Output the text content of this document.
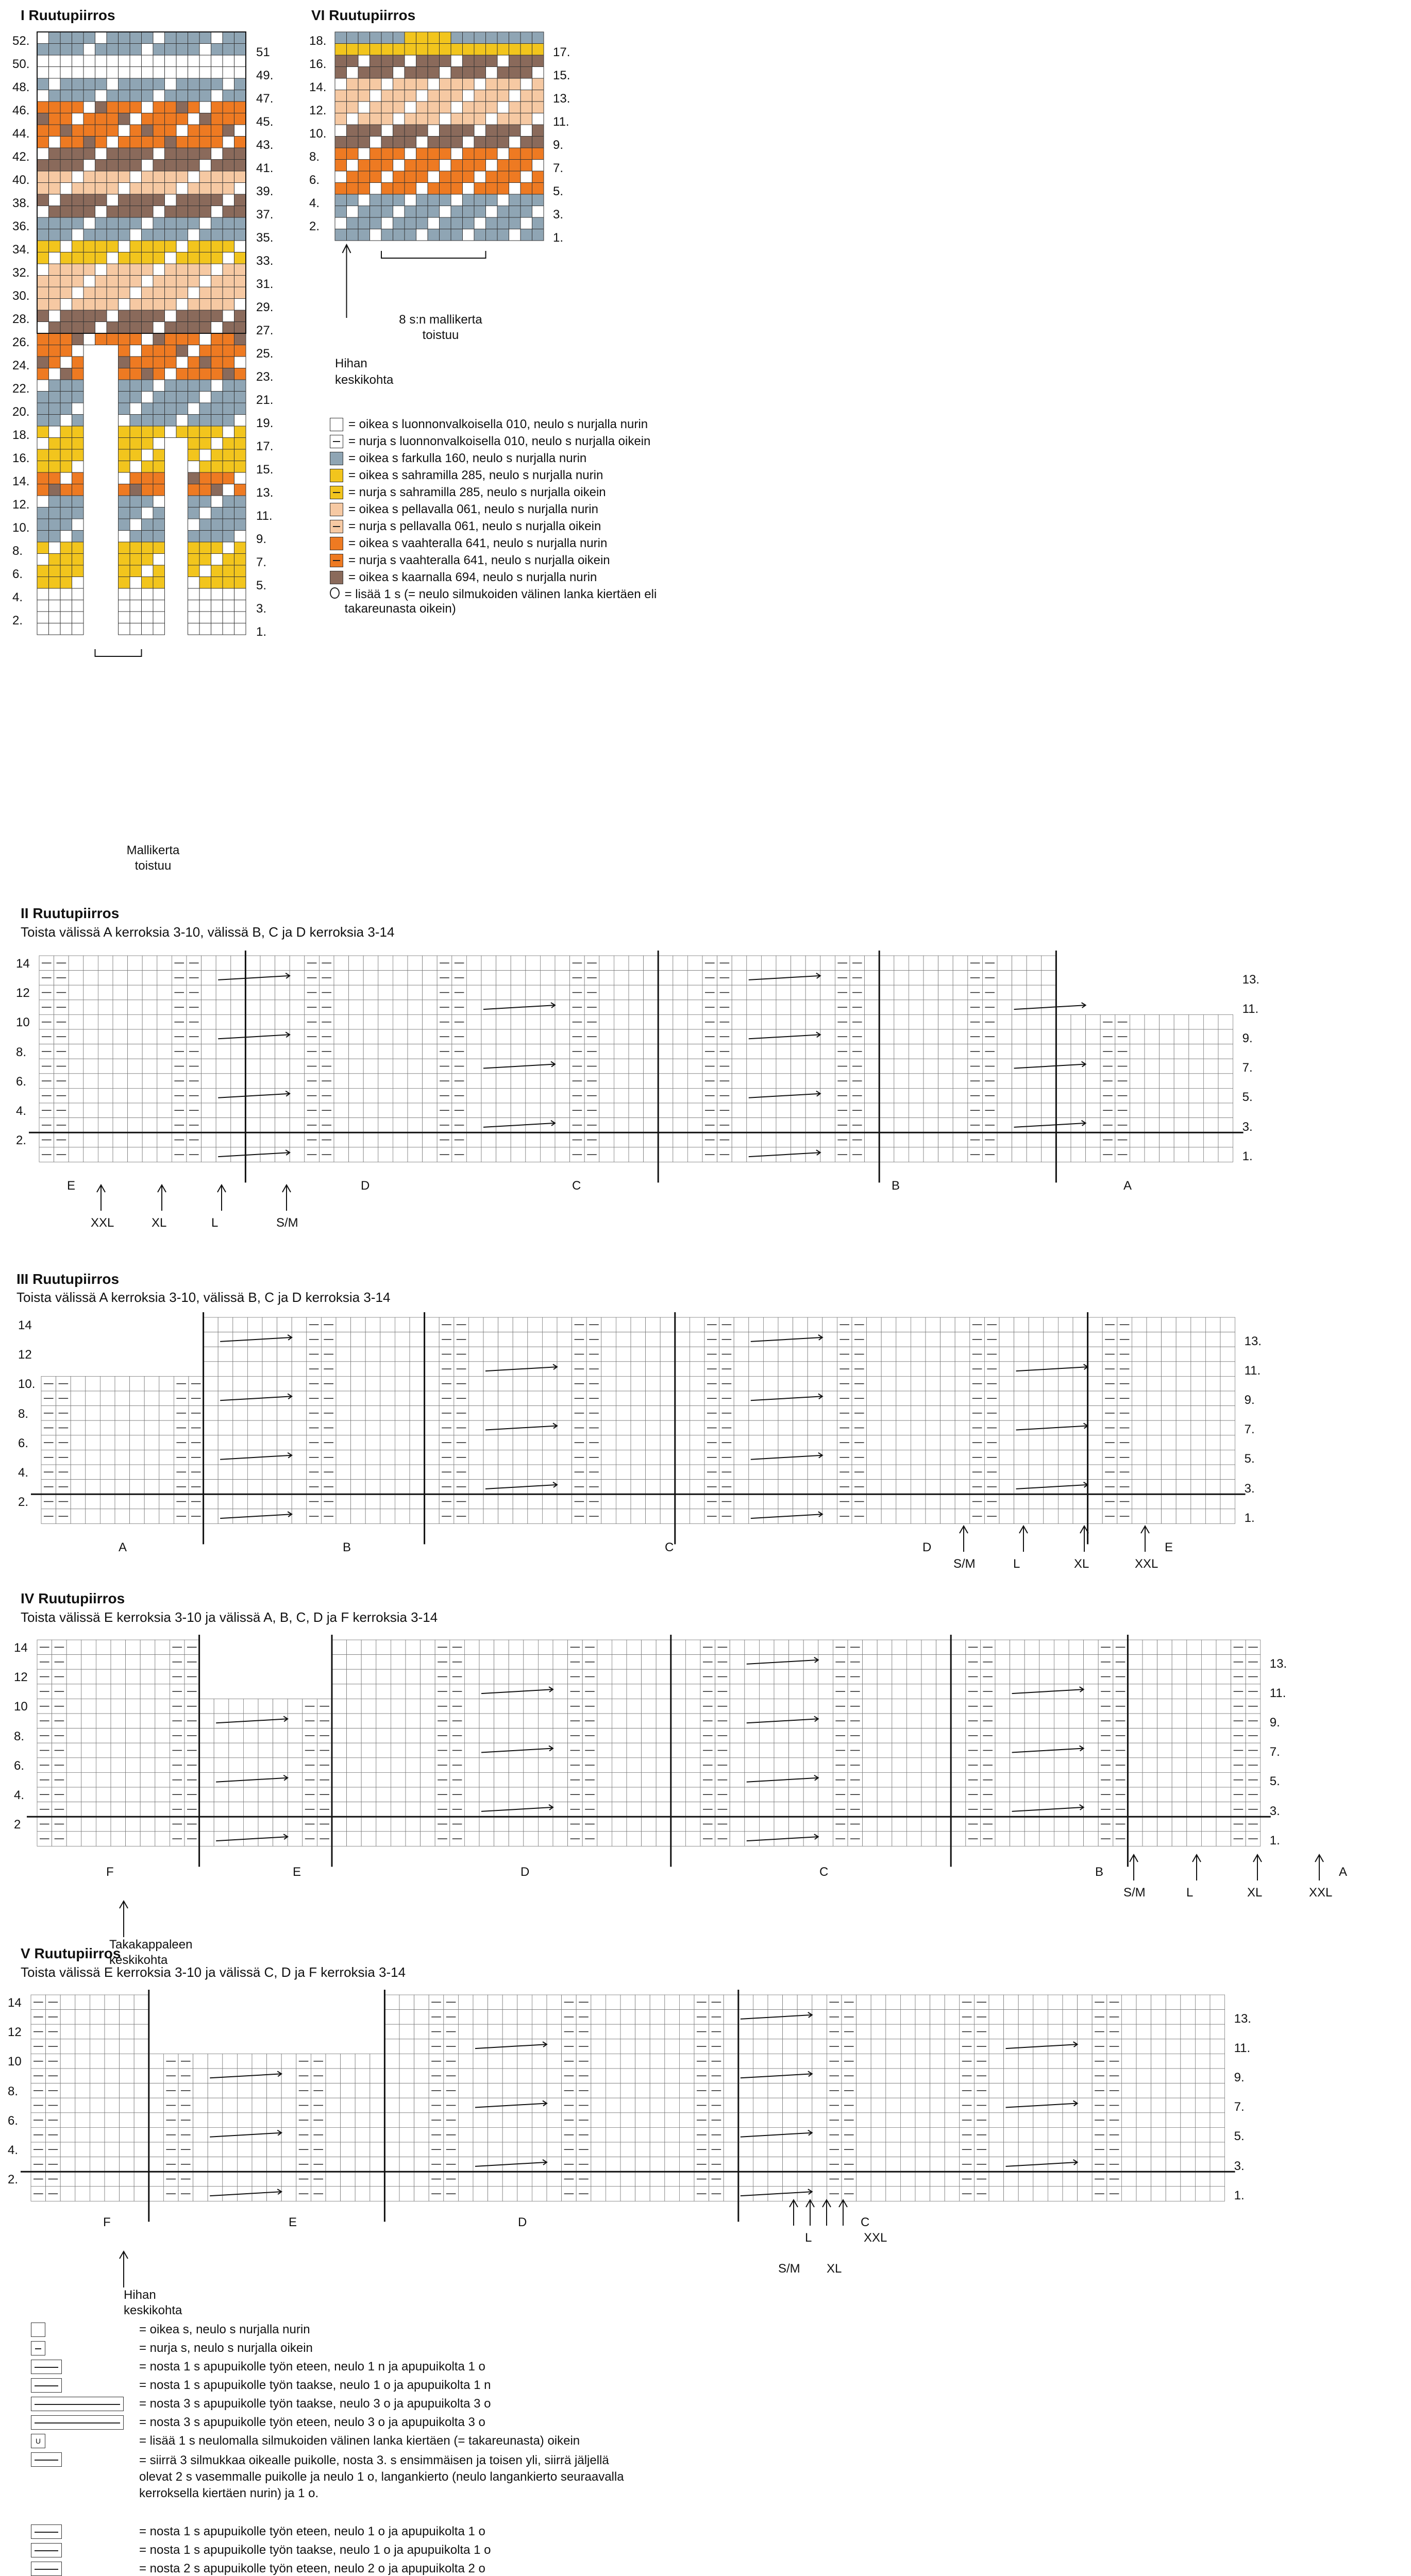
I Ruutupiirros
Mallikerta toistuu
VI Ruutupiirros
8 s:n mallikerta toistuu
Hihan keskikohta
= oikea s luonnonvalkoisella 010, neulo s nurjalla nurin
= nurja s luonnonvalkoisella 010, neulo s nurjalla oikein
= oikea s farkulla 160, neulo s nurjalla nurin
= oikea s sahramilla 285, neulo s nurjalla nurin
= nurja s sahramilla 285, neulo s nurjalla oikein
= oikea s pellavalla 061, neulo s nurjalla nurin
= nurja s pellavalla 061, neulo s nurjalla oikein
= oikea s vaahteralla 641, neulo s nurjalla nurin
= nurja s vaahteralla 641, neulo s nurjalla oikein
= oikea s kaarnalla 694, neulo s nurjalla nurin
= lisää 1 s (= neulo silmukoiden välinen lanka kiertäen eli takareunasta oikein)
II Ruutupiirros
Toista välissä A kerroksia 3-10, välissä B, C ja D kerroksia 3-14
III Ruutupiirros
Toista välissä A kerroksia 3-10, välissä B, C ja D kerroksia 3-14
IV Ruutupiirros
Toista välissä E kerroksia 3-10 ja välissä A, B, C, D ja F kerroksia 3-14
Takakappaleen keskikohta
V Ruutupiirros
Toista välissä E kerroksia 3-10 ja välissä C, D ja F kerroksia 3-14
Hihan keskikohta
= oikea s, neulo s nurjalla nurin
= nurja s, neulo s nurjalla oikein
= nosta 1 s apupuikolle työn eteen, neulo 1 n ja apupuikolta 1 o
= nosta 1 s apupuikolle työn taakse, neulo 1 o ja apupuikolta 1 n
= nosta 3 s apupuikolle työn taakse, neulo 3 o ja apupuikolta 3 o
= nosta 3 s apupuikolle työn eteen, neulo 3 o ja apupuikolta 3 o
U	= lisää 1 s neulomalla silmukoiden välinen lanka kiertäen (= takareunasta) oikein
= siirrä 3 silmukkaa oikealle puikolle, nosta 3. s ensimmäisen ja toisen yli, siirrä jäljellä olevat 2 s vasemmalle puikolle ja neulo 1 o, langankierto (neulo langankierto seuraavalla kerroksella kiertäen nurin) ja 1 o.
= nosta 1 s apupuikolle työn eteen, neulo 1 o ja apupuikolta 1 o
= nosta 1 s apupuikolle työn taakse, neulo 1 o ja apupuikolta 1 o
= nosta 2 s apupuikolle työn eteen, neulo 2 o ja apupuikolta 2 o
52.
50.
48.
46.
44.
42.
40.
38.
36.
34.
32.
30.
28.
26.
24.
22.
20.
18.
16.
14.
12.
10.
8.
6.
4.
2.
51
49.
47.
45.
43.
41.
39.
37.
35.
33.
31.
29.
27.
25.
23.
21.
19.
17.
15.
13.
11.
9.
7.
5.
3.
1.
18.
16.
14.
12.
10.
8.
6.
4.
2.
17.
15.
13.
11.
9.
7.
5.
3.
1.
14
12
10
8.
6.
4.
2.
13.
11.
9.
7.
5.
3.
1.
E	D	C	B	A
XXL	XL	L	S/M
14
12
10.
8.
6.
4.
2.
13.
11.
9.
7.
5.
3.
1.
A	B	C	D	E
S/M	L	XL	XXL
14
12
10
8.
6.
4.
2
13.
11.
9.
7.
5.
3.
1.
F	E	D	C	B	A
S/M	L	XL	XXL
14
12
10
8.
6.
4.
2.
13.
11.
9.
7.
5.
3.
1.
F	E	D	C
S/M
L
XL
XXL
